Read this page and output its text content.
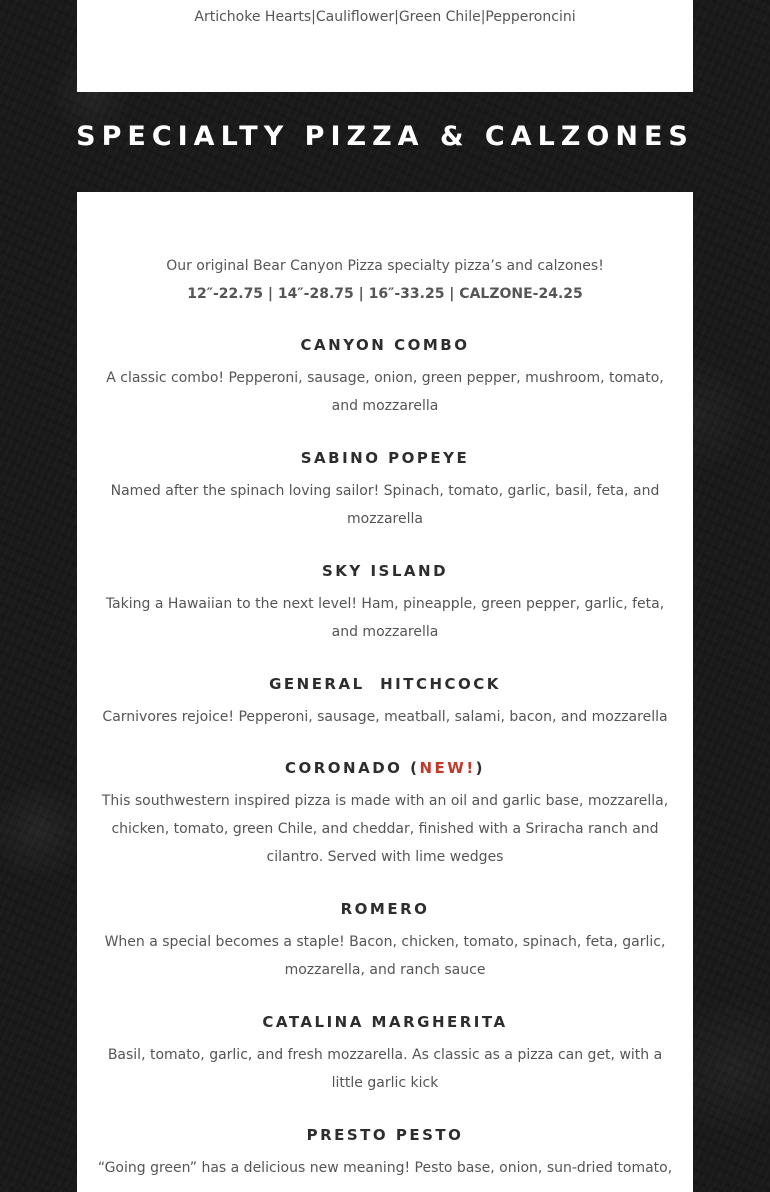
Artichoke Hearts|Cauliflower|Green Chile|Pepperoncini
SPECIALTY PIZZA & CALZONES
Our original Bear Canyon Pizza specialty pizza’s and calzones!
12″-22.75 | 14″-28.75 | 16″-33.25 | CALZONE-24.25
CANYON COMBO
A classic combo! Pepperoni, sausage, onion, green pepper, mushroom, tomato, and mozzarella
SABINO POPEYE
Named after the spinach loving sailor! Spinach, tomato, garlic, basil, feta, and mozzarella
SKY ISLAND
Taking a Hawaiian to the next level! Ham, pineapple, green pepper, garlic, feta, and mozzarella
GENERAL  HITCHCOCK
Carnivores rejoice! Pepperoni, sausage, meatball, salami, bacon, and mozzarella
CORONADO (NEW!)
This southwestern inspired pizza is made with an oil and garlic base, mozzarella, chicken, tomato, green Chile, and cheddar, finished with a Sriracha ranch and cilantro. Served with lime wedges
ROMERO
When a special becomes a staple! Bacon, chicken, tomato, spinach, feta, garlic, mozzarella, and ranch sauce
CATALINA MARGHERITA
Basil, tomato, garlic, and fresh mozzarella. As classic as a pizza can get, with a little garlic kick
PRESTO PESTO
“Going green” has a delicious new meaning! Pesto base, onion, sun-dried tomato,
